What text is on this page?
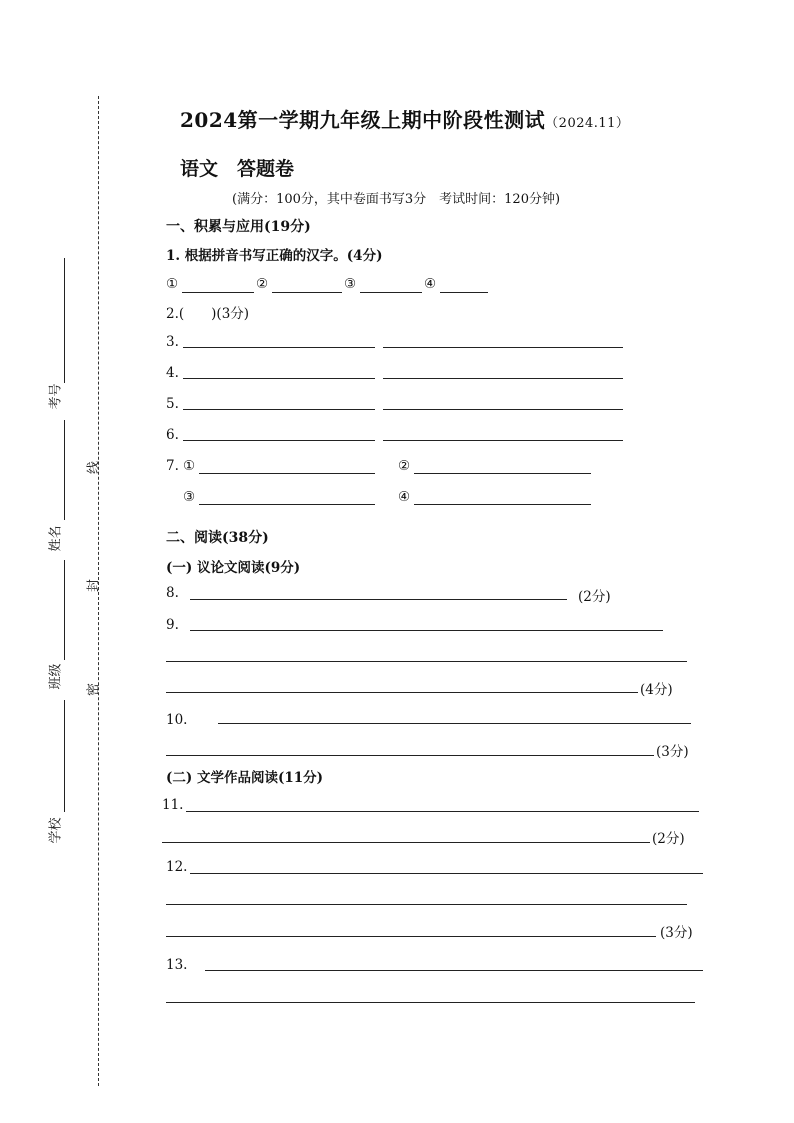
考号
线
姓名
封
班级
密
学校
2024第一学期九年级上期中阶段性测试（2024.11）
语文　答题卷
(满分：100分，其中卷面书写3分　考试时间：120分钟)
一、积累与应用(19分)
1. 根据拼音书写正确的汉字。(4分)
①	②	③	④
2.(　　)(3分)
3.
4.
5.
6.
7. ①	②
③	④
二、阅读(38分)
(一) 议论文阅读(9分)
8.	(2分)
9.
(4分)
10.
(3分)
(二) 文学作品阅读(11分)
11.
(2分)
12.
(3分)
13.
